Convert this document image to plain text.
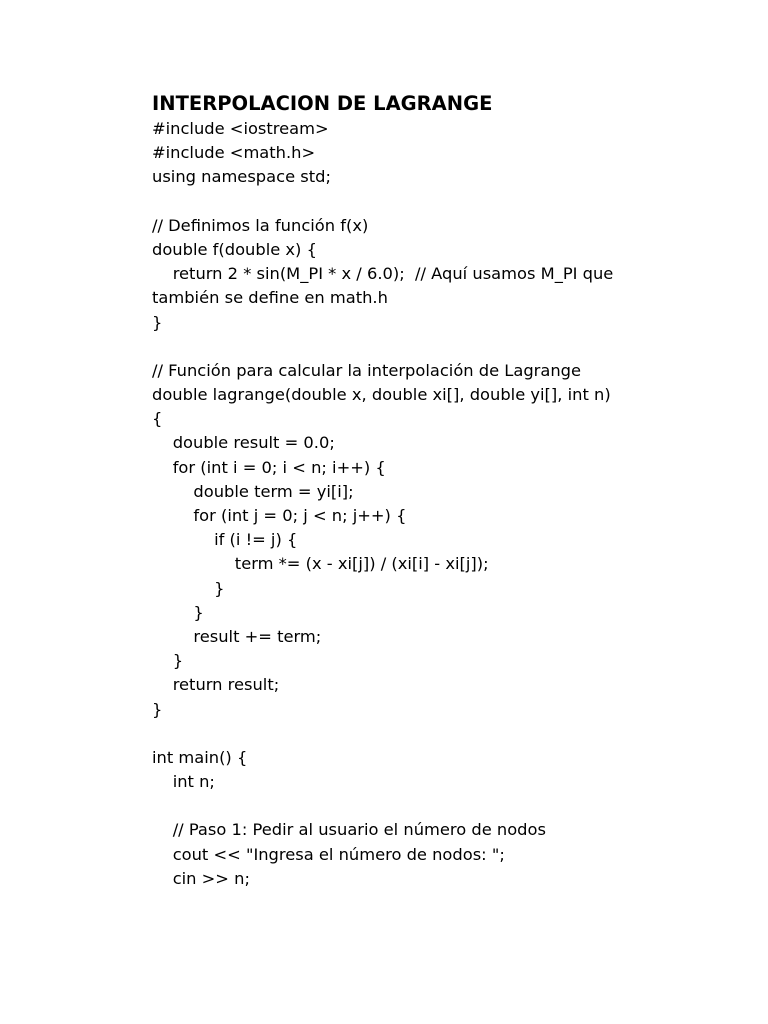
INTERPOLACION DE LAGRANGE
#include <iostream>
#include <math.h>
using namespace std;
// Definimos la función f(x)
double f(double x) {
return 2 * sin(M_PI * x / 6.0);  // Aquí usamos M_PI que
también se define en math.h
}
// Función para calcular la interpolación de Lagrange
double lagrange(double x, double xi[], double yi[], int n)
{
double result = 0.0;
for (int i = 0; i < n; i++) {
double term = yi[i];
for (int j = 0; j < n; j++) {
if (i != j) {
term *= (x - xi[j]) / (xi[i] - xi[j]);
}
}
result += term;
}
return result;
}
int main() {
int n;
// Paso 1: Pedir al usuario el número de nodos
cout << "Ingresa el número de nodos: ";
cin >> n;
